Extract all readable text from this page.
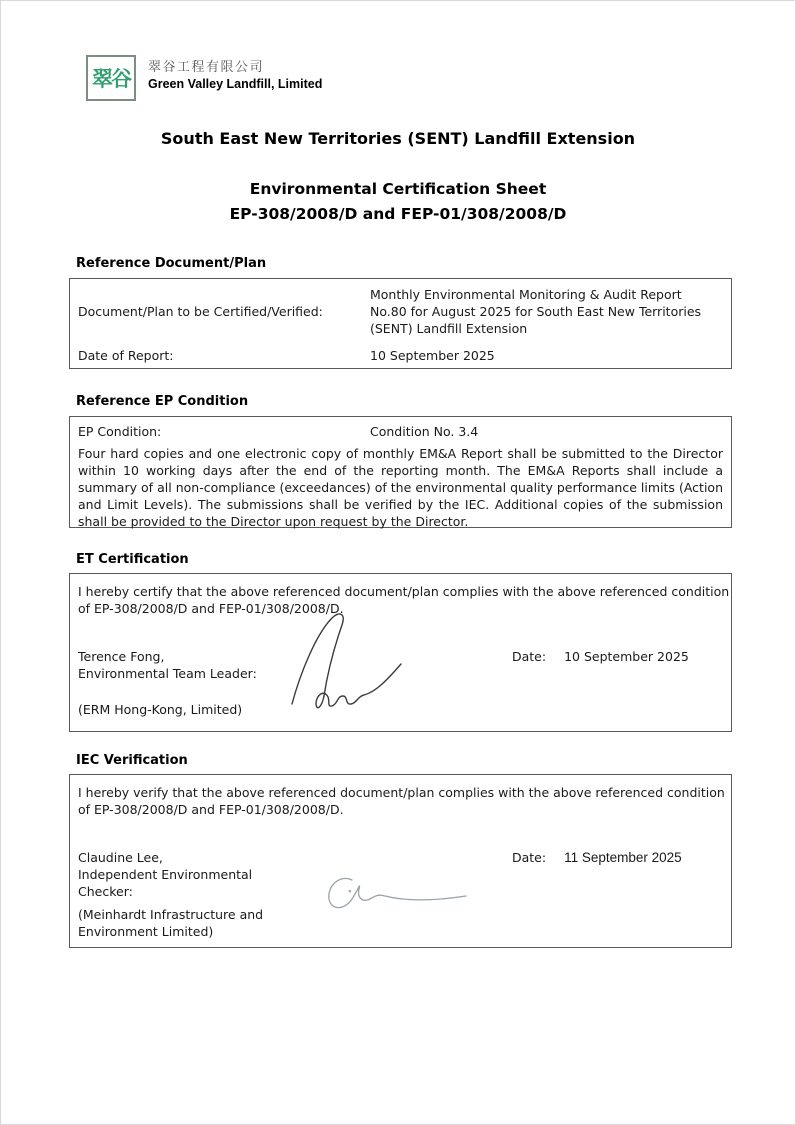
翠谷 翠谷工程有限公司
Green Valley Landfill, Limited
South East New Territories (SENT) Landfill Extension
Environmental Certification Sheet
EP-308/2008/D and FEP-01/308/2008/D
Reference Document/Plan
Document/Plan to be Certified/Verified:
Monthly Environmental Monitoring & Audit Report No.80 for August 2025 for South East New Territories (SENT) Landfill Extension
Date of Report:	10 September 2025
Reference EP Condition
EP Condition:	Condition No. 3.4
Four hard copies and one electronic copy of monthly EM&A Report shall be submitted to the Director within 10 working days after the end of the reporting month. The EM&A Reports shall include a summary of all non-compliance (exceedances) of the environmental quality performance limits (Action and Limit Levels). The submissions shall be verified by the IEC. Additional copies of the submission shall be provided to the Director upon request by the Director.
ET Certification
I hereby certify that the above referenced document/plan complies with the above referenced condition of EP-308/2008/D and FEP-01/308/2008/D.
Terence Fong,
Environmental Team Leader:
Date: 10 September 2025
(ERM Hong-Kong, Limited)
IEC Verification
I hereby verify that the above referenced document/plan complies with the above referenced condition of EP-308/2008/D and FEP-01/308/2008/D.
Claudine Lee,
Independent Environmental Checker:
Date: 11 September 2025
(Meinhardt Infrastructure and Environment Limited)
